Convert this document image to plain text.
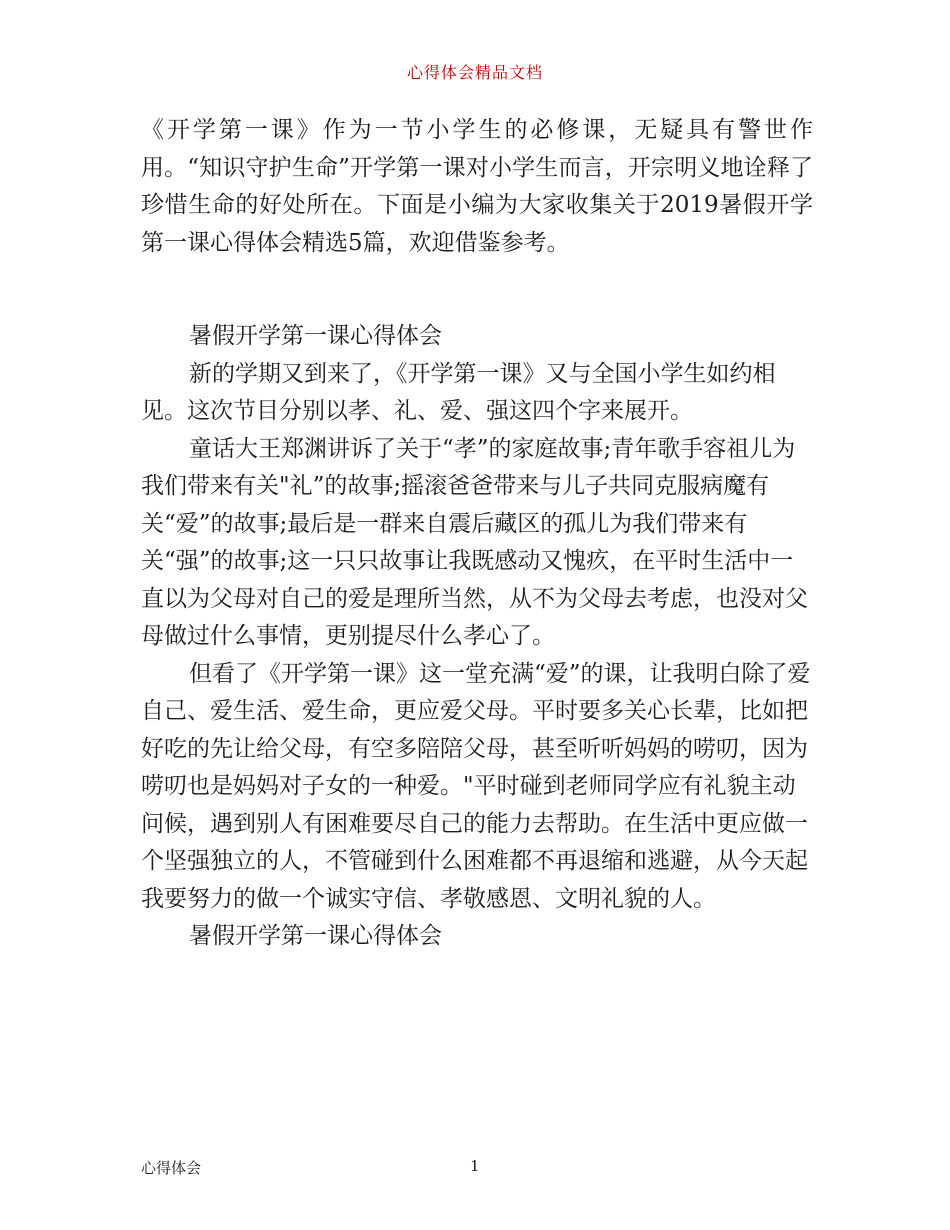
心得体会精品文档

《开学第一课》作为一节小学生的必修课，无疑具有警世作用。“知识守护生命”开学第一课对小学生而言，开宗明义地诠释了珍惜生命的好处所在。下面是小编为大家收集关于2019暑假开学第一课心得体会精选5篇，欢迎借鉴参考。

暑假开学第一课心得体会

新的学期又到来了，《开学第一课》又与全国小学生如约相见。这次节目分别以孝、礼、爱、强这四个字来展开。

童话大王郑渊讲诉了关于“孝”的家庭故事;青年歌手容祖儿为我们带来有关"礼”的故事;摇滚爸爸带来与儿子共同克服病魔有关“爱”的故事;最后是一群来自震后藏区的孤儿为我们带来有关“强”的故事;这一只只故事让我既感动又愧疚，在平时生活中一直以为父母对自己的爱是理所当然，从不为父母去考虑，也没对父母做过什么事情，更别提尽什么孝心了。

但看了《开学第一课》这一堂充满“爱”的课，让我明白除了爱自己、爱生活、爱生命，更应爱父母。平时要多关心长辈，比如把好吃的先让给父母，有空多陪陪父母，甚至听听妈妈的唠叨，因为唠叨也是妈妈对子女的一种爱。"平时碰到老师同学应有礼貌主动问候，遇到别人有困难要尽自己的能力去帮助。在生活中更应做一个坚强独立的人，不管碰到什么困难都不再退缩和逃避，从今天起我要努力的做一个诚实守信、孝敬感恩、文明礼貌的人。

暑假开学第一课心得体会

心得体会	1
